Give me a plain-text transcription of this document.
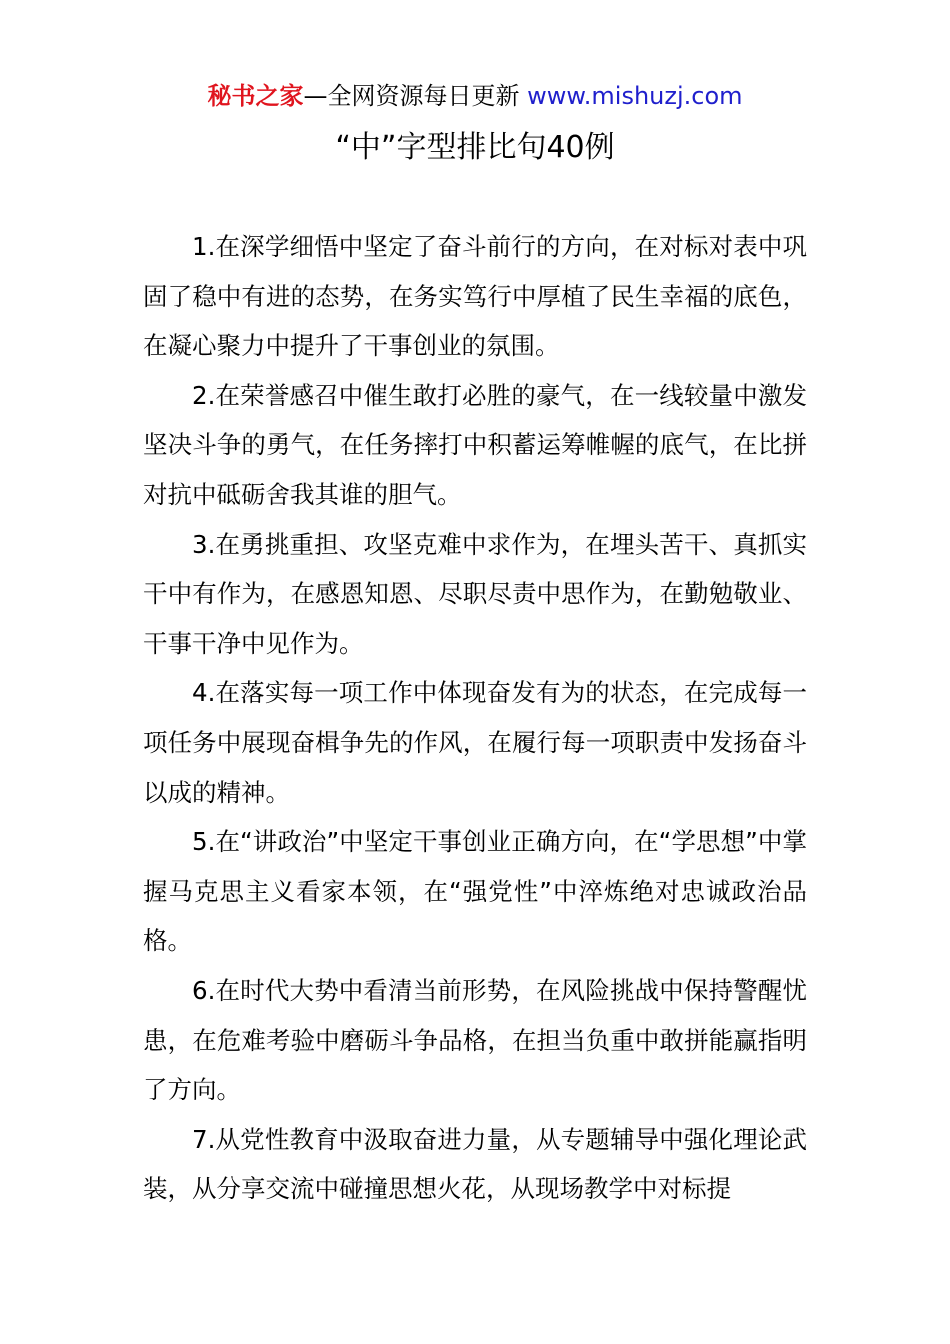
秘书之家—全网资源每日更新 www.mishuzj.com
“中”字型排比句40例

1.在深学细悟中坚定了奋斗前行的方向，在对标对表中巩固了稳中有进的态势，在务实笃行中厚植了民生幸福的底色，在凝心聚力中提升了干事创业的氛围。

2.在荣誉感召中催生敢打必胜的豪气，在一线较量中激发坚决斗争的勇气，在任务摔打中积蓄运筹帷幄的底气，在比拼对抗中砥砺舍我其谁的胆气。

3.在勇挑重担、攻坚克难中求作为，在埋头苦干、真抓实干中有作为，在感恩知恩、尽职尽责中思作为，在勤勉敬业、干事干净中见作为。

4.在落实每一项工作中体现奋发有为的状态，在完成每一项任务中展现奋楫争先的作风，在履行每一项职责中发扬奋斗以成的精神。

5.在“讲政治”中坚定干事创业正确方向，在“学思想”中掌握马克思主义看家本领，在“强党性”中淬炼绝对忠诚政治品格。

6.在时代大势中看清当前形势，在风险挑战中保持警醒忧患，在危难考验中磨砺斗争品格，在担当负重中敢拼能赢指明了方向。

7.从党性教育中汲取奋进力量，从专题辅导中强化理论武装，从分享交流中碰撞思想火花，从现场教学中对标提
